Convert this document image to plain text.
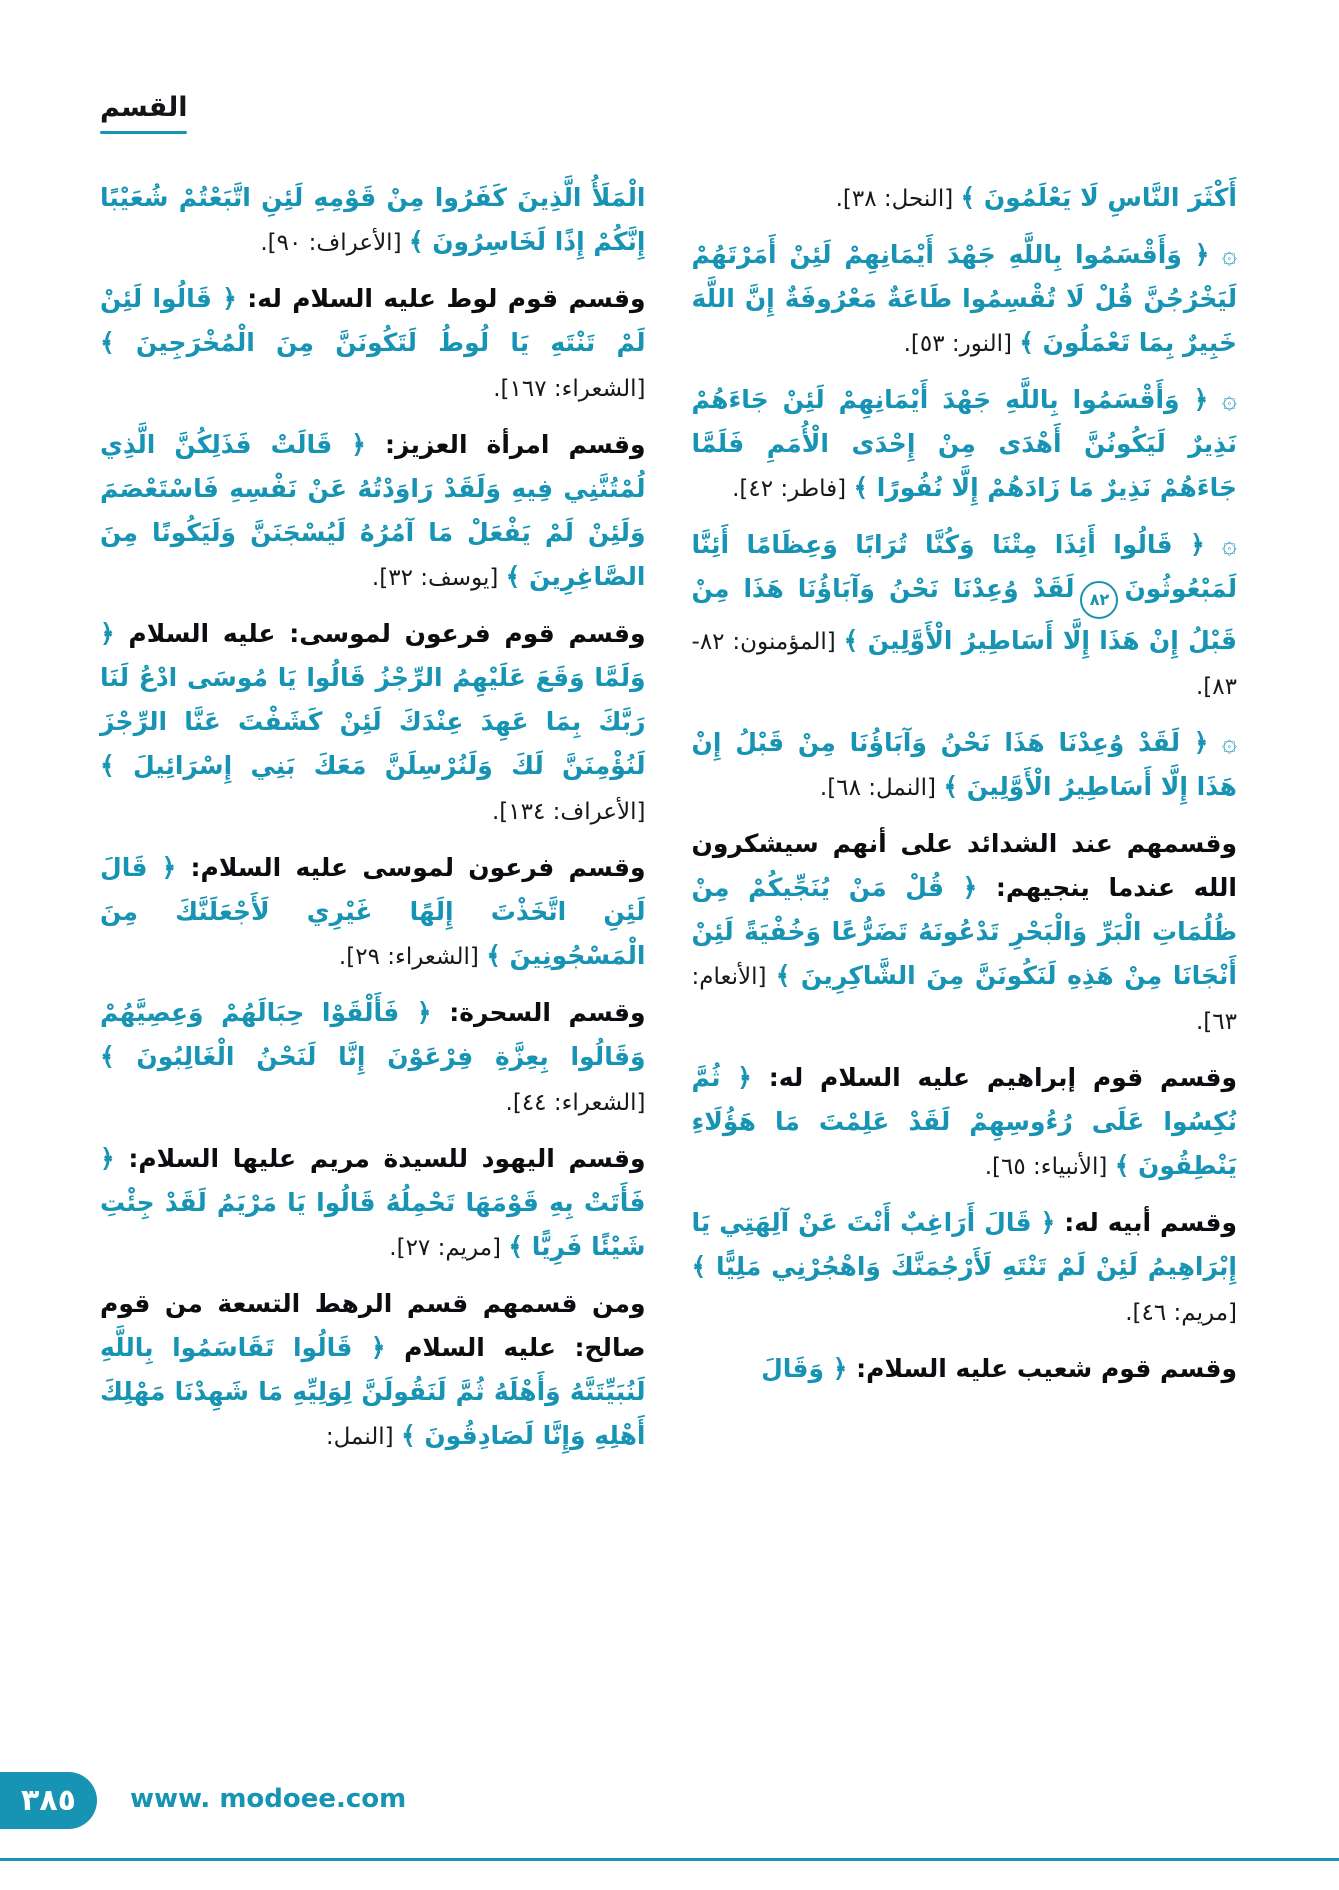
القسم

أَكْثَرَ النَّاسِ لَا يَعْلَمُونَ ﴾ [النحل: ٣٨].

۞ ﴿ وَأَقْسَمُوا بِاللَّهِ جَهْدَ أَيْمَانِهِمْ لَئِنْ أَمَرْتَهُمْ لَيَخْرُجُنَّ قُلْ لَا تُقْسِمُوا طَاعَةٌ مَعْرُوفَةٌ إِنَّ اللَّهَ خَبِيرٌ بِمَا تَعْمَلُونَ ﴾ [النور: ٥٣].

۞ ﴿ وَأَقْسَمُوا بِاللَّهِ جَهْدَ أَيْمَانِهِمْ لَئِنْ جَاءَهُمْ نَذِيرٌ لَيَكُونُنَّ أَهْدَى مِنْ إِحْدَى الْأُمَمِ فَلَمَّا جَاءَهُمْ نَذِيرٌ مَا زَادَهُمْ إِلَّا نُفُورًا ﴾ [فاطر: ٤٢].

۞ ﴿ قَالُوا أَئِذَا مِتْنَا وَكُنَّا تُرَابًا وَعِظَامًا أَئِنَّا لَمَبْعُوثُونَ٨٢لَقَدْ وُعِدْنَا نَحْنُ وَآبَاؤُنَا هَذَا مِنْ قَبْلُ إِنْ هَذَا إِلَّا أَسَاطِيرُ الْأَوَّلِينَ ﴾ [المؤمنون: ٨٢- ٨٣].

۞ ﴿ لَقَدْ وُعِدْنَا هَذَا نَحْنُ وَآبَاؤُنَا مِنْ قَبْلُ إِنْ هَذَا إِلَّا أَسَاطِيرُ الْأَوَّلِينَ ﴾ [النمل: ٦٨].

وقسمهم عند الشدائد على أنهم سيشكرون الله عندما ينجيهم: ﴿ قُلْ مَنْ يُنَجِّيكُمْ مِنْ ظُلُمَاتِ الْبَرِّ وَالْبَحْرِ تَدْعُونَهُ تَضَرُّعًا وَخُفْيَةً لَئِنْ أَنْجَانَا مِنْ هَذِهِ لَنَكُونَنَّ مِنَ الشَّاكِرِينَ ﴾ [الأنعام: ٦٣].

وقسم قوم إبراهيم عليه السلام له: ﴿ ثُمَّ نُكِسُوا عَلَى رُءُوسِهِمْ لَقَدْ عَلِمْتَ مَا هَؤُلَاءِ يَنْطِقُونَ ﴾ [الأنبياء: ٦٥].

وقسم أبيه له: ﴿ قَالَ أَرَاغِبٌ أَنْتَ عَنْ آلِهَتِي يَا إِبْرَاهِيمُ لَئِنْ لَمْ تَنْتَهِ لَأَرْجُمَنَّكَ وَاهْجُرْنِي مَلِيًّا ﴾ [مريم: ٤٦].

وقسم قوم شعيب عليه السلام: ﴿ وَقَالَ

الْمَلَأُ الَّذِينَ كَفَرُوا مِنْ قَوْمِهِ لَئِنِ اتَّبَعْتُمْ شُعَيْبًا إِنَّكُمْ إِذًا لَخَاسِرُونَ ﴾ [الأعراف: ٩٠].

وقسم قوم لوط عليه السلام له: ﴿ قَالُوا لَئِنْ لَمْ تَنْتَهِ يَا لُوطُ لَتَكُونَنَّ مِنَ الْمُخْرَجِينَ ﴾ [الشعراء: ١٦٧].

وقسم امرأة العزيز: ﴿ قَالَتْ فَذَلِكُنَّ الَّذِي لُمْتُنَّنِي فِيهِ وَلَقَدْ رَاوَدْتُهُ عَنْ نَفْسِهِ فَاسْتَعْصَمَ وَلَئِنْ لَمْ يَفْعَلْ مَا آمُرُهُ لَيُسْجَنَنَّ وَلَيَكُونًا مِنَ الصَّاغِرِينَ ﴾ [يوسف: ٣٢].

وقسم قوم فرعون لموسى: عليه السلام ﴿ وَلَمَّا وَقَعَ عَلَيْهِمُ الرِّجْزُ قَالُوا يَا مُوسَى ادْعُ لَنَا رَبَّكَ بِمَا عَهِدَ عِنْدَكَ لَئِنْ كَشَفْتَ عَنَّا الرِّجْزَ لَنُؤْمِنَنَّ لَكَ وَلَنُرْسِلَنَّ مَعَكَ بَنِي إِسْرَائِيلَ ﴾ [الأعراف: ١٣٤].

وقسم فرعون لموسى عليه السلام: ﴿ قَالَ لَئِنِ اتَّخَذْتَ إِلَهًا غَيْرِي لَأَجْعَلَنَّكَ مِنَ الْمَسْجُونِينَ ﴾ [الشعراء: ٢٩].

وقسم السحرة: ﴿ فَأَلْقَوْا حِبَالَهُمْ وَعِصِيَّهُمْ وَقَالُوا بِعِزَّةِ فِرْعَوْنَ إِنَّا لَنَحْنُ الْغَالِبُونَ ﴾ [الشعراء: ٤٤].

وقسم اليهود للسيدة مريم عليها السلام: ﴿ فَأَتَتْ بِهِ قَوْمَهَا تَحْمِلُهُ قَالُوا يَا مَرْيَمُ لَقَدْ جِئْتِ شَيْئًا فَرِيًّا ﴾ [مريم: ٢٧].

ومن قسمهم قسم الرهط التسعة من قوم صالح: عليه السلام ﴿ قَالُوا تَقَاسَمُوا بِاللَّهِ لَنُبَيِّتَنَّهُ وَأَهْلَهُ ثُمَّ لَنَقُولَنَّ لِوَلِيِّهِ مَا شَهِدْنَا مَهْلِكَ أَهْلِهِ وَإِنَّا لَصَادِقُونَ ﴾ [النمل:

٣٨٥ www. modoee.com
